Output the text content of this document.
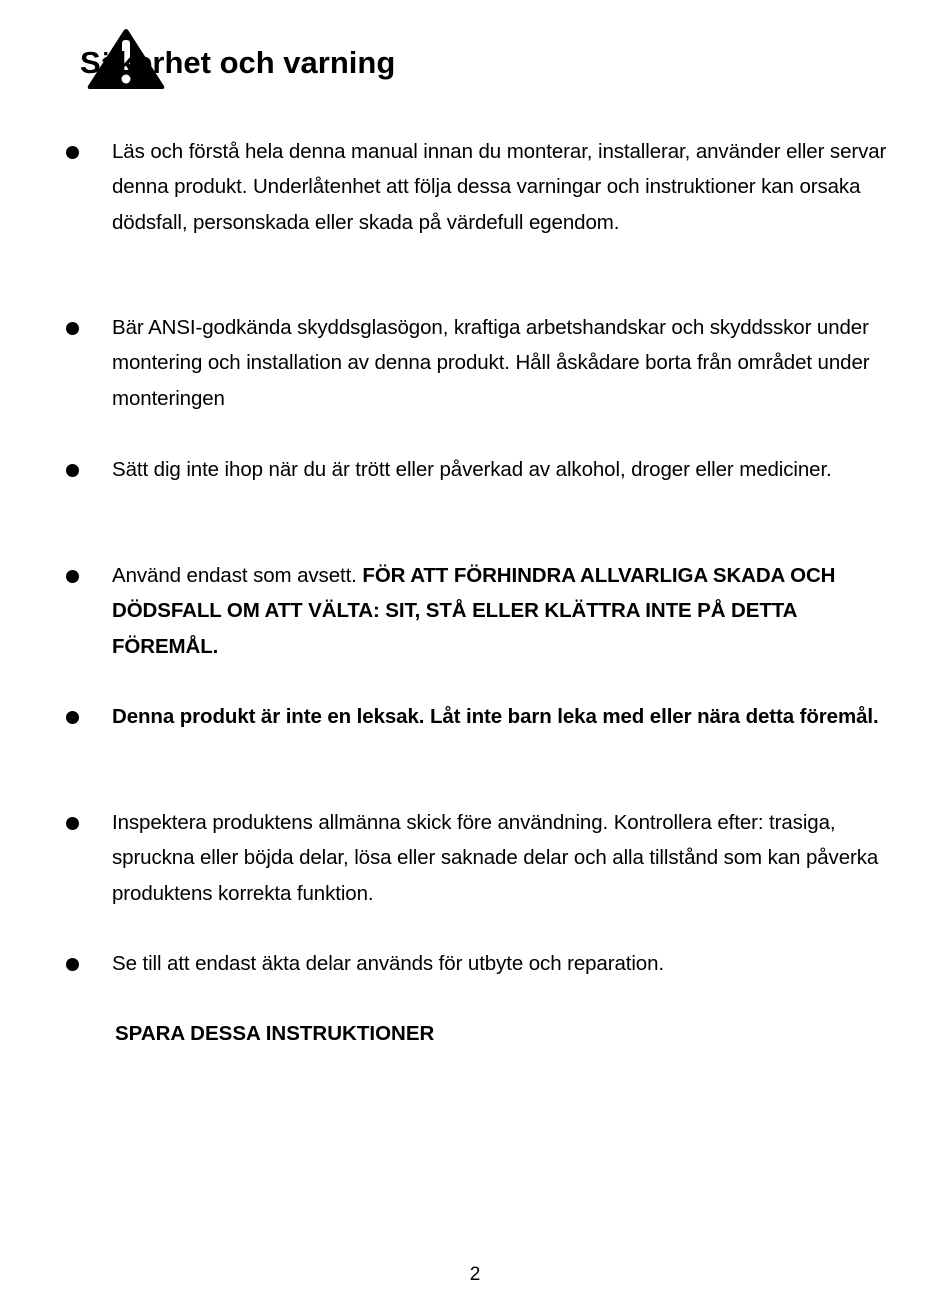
Säkerhet och varning

Läs och förstå hela denna manual innan du monterar, installerar, använder eller servar denna produkt. Underlåtenhet att följa dessa varningar och instruktioner kan orsaka dödsfall, personskada eller skada på värdefull egendom.

Bär ANSI-godkända skyddsglasögon, kraftiga arbetshandskar och skyddsskor under montering och installation av denna produkt. Håll åskådare borta från området under monteringen

Sätt dig inte ihop när du är trött eller påverkad av alkohol, droger eller mediciner.

Använd endast som avsett. FÖR ATT FÖRHINDRA ALLVARLIGA SKADA OCH DÖDSFALL OM ATT VÄLTA: SIT, STÅ ELLER KLÄTTRA INTE PÅ DETTA FÖREMÅL.

Denna produkt är inte en leksak. Låt inte barn leka med eller nära detta föremål.

Inspektera produktens allmänna skick före användning. Kontrollera efter: trasiga, spruckna eller böjda delar, lösa eller saknade delar och alla tillstånd som kan påverka produktens korrekta funktion.

Se till att endast äkta delar används för utbyte och reparation.

SPARA DESSA INSTRUKTIONER

2
